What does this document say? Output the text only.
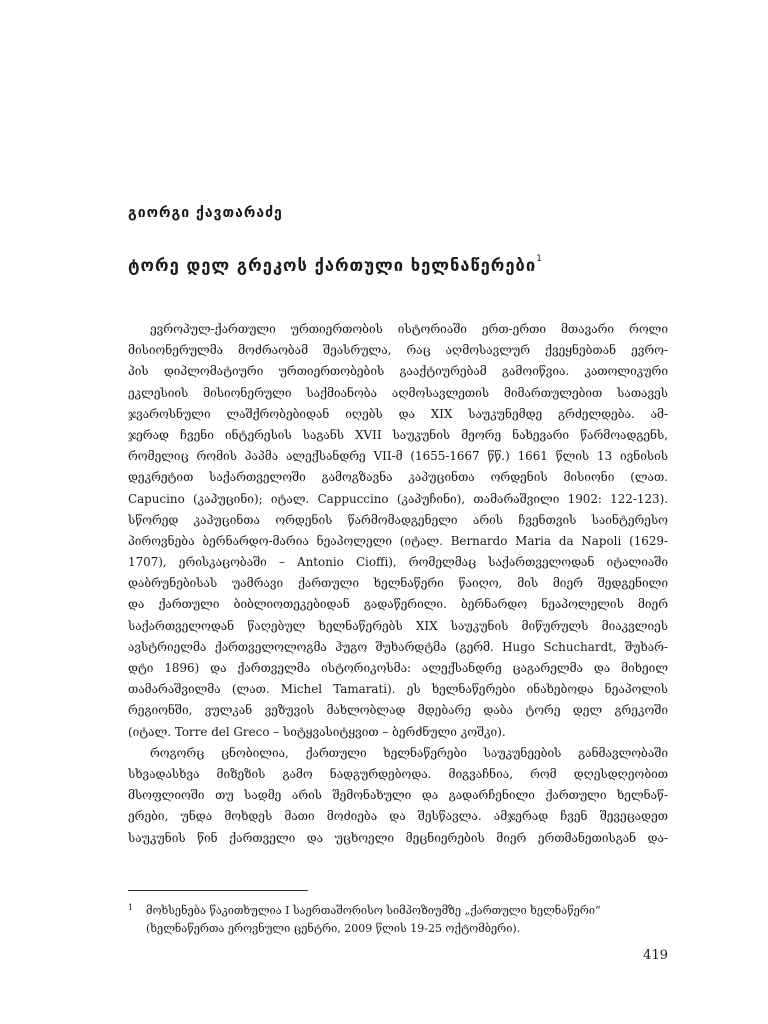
გიორგი ქავთარაძე
ტორე დელ გრეკოს ქართული ხელნაწერები$^1$
ევროპულ-ქართული ურთიერთობის ისტორიაში ერთ-ერთი მთავარი როლი
მისიონერულმა მოძრაობამ შეასრულა, რაც აღმოსავლურ ქვეყნებთან ევრო-
პის დიპლომატიური ურთიერთობების გააქტიურებამ გამოიწვია. კათოლიკური
ეკლესიის მისიონერული საქმიანობა აღმოსავლეთის მიმართულებით სათავეს
ჯვაროსნული ლაშქრობებიდან იღებს და XIX საუკუნემდე გრძელდება. ამ-
ჯერად ჩვენი ინტერესის საგანს XVII საუკუნის მეორე ნახევარი წარმოადგენს,
რომელიც რომის პაპმა ალექსანდრე VII-მ (1655-1667 წწ.) 1661 წლის 13 ივნისის
დეკრეტით საქართველოში გამოგზავნა კაპუცინთა ორდენის მისიონი (ლათ.
Capucino (კაპუცინი); იტალ. Cappuccino (კაპუჩინი), თამარაშვილი 1902: 122-123).
სწორედ კაპუცინთა ორდენის წარმომადგენელი არის ჩვენთვის საინტერესო
პიროვნება ბერნარდო-მარია ნეაპოლელი (იტალ. Bernardo Maria da Napoli (1629-
1707), ერისკაცობაში – Antonio Cioffi), რომელმაც საქართველოდან იტალიაში
დაბრუნებისას უამრავი ქართული ხელნაწერი წაიღო, მის მიერ შედგენილი
და ქართული ბიბლიოთეკებიდან გადაწერილი. ბერნარდო ნეაპოლელის მიერ
საქართველოდან წაღებულ ხელნაწერებს XIX საუკუნის მიწურულს მიაკვლიეს
ავსტრიელმა ქართველოლოგმა ჰუგო შუხარდტმა (გერმ. Hugo Schuchardt, შუხარ-
დტი 1896) და ქართველმა ისტორიკოსმა: ალექსანდრე ცაგარელმა და მიხეილ
თამარაშვილმა (ლათ. Michel Tamarati). ეს ხელნაწერები ინახებოდა ნეაპოლის
რეგიონში, ვულკან ვეზუვის მახლობლად მდებარე დაბა ტორე დელ გრეკოში
(იტალ. Torre del Greco – სიტყვასიტყვით – ბერძნული კოშკი).
როგორც ცნობილია, ქართული ხელნაწერები საუკუნეების განმავლობაში
სხვადასხვა მიზეზის გამო ნადგურდებოდა. მიგვაჩნია, რომ დღესდღეობით
მსოფლიოში თუ სადმე არის შემონახული და გადარჩენილი ქართული ხელნაწ-
ერები, უნდა მოხდეს მათი მოძიება და შესწავლა. ამჯერად ჩვენ შევეცადეთ
საუკუნის წინ ქართველი და უცხოელი მეცნიერების მიერ ერთმანეთისგან და-
1 მოხსენება წაკითხულია I საერთაშორისო სიმპოზიუმზე „ქართული ხელნაწერი“
(ხელნაწერთა ეროვნული ცენტრი, 2009 წლის 19-25 ოქტომბერი).
419
